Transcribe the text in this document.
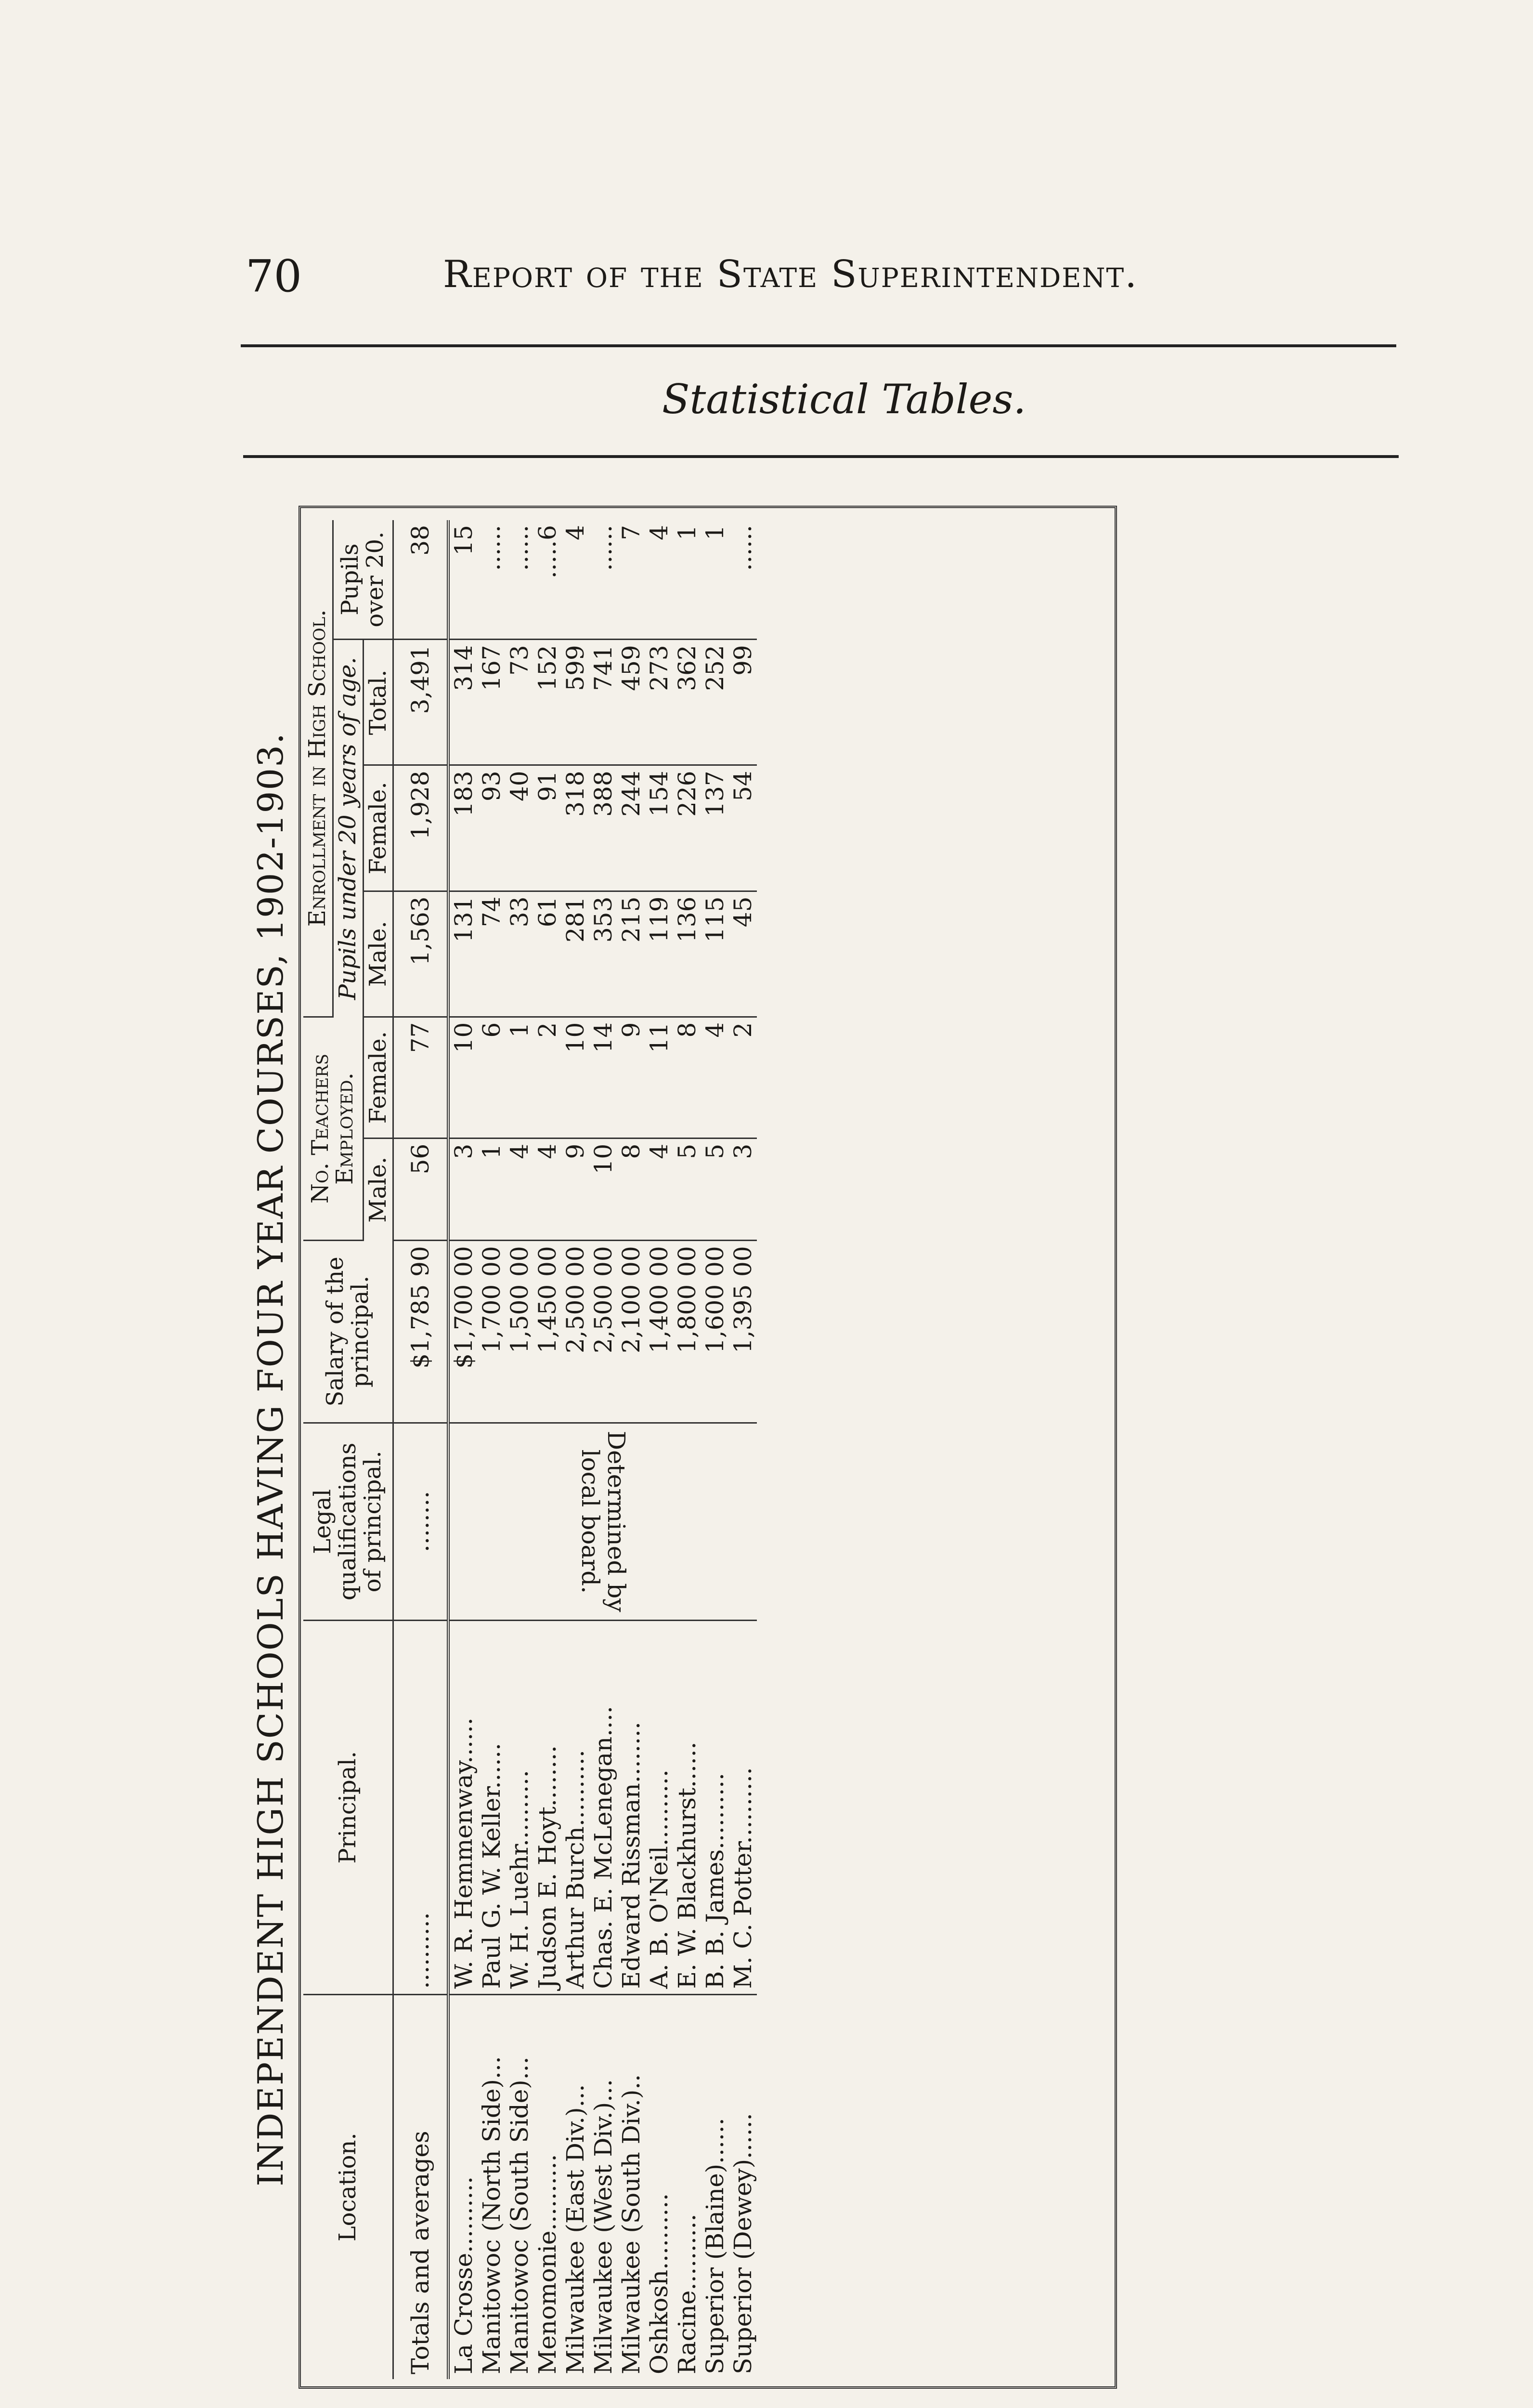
70	Report of the State Superintendent.
Statistical Tables.
INDEPENDENT HIGH SCHOOLS HAVING FOUR YEAR COURSES, 1902-1903.
Location.	Principal.	Legal qualifications of principal.	Salary of the principal.	No. Teachers Employed.		Enrollment in High School.			
						Pupils under 20 years of age.			Pupils over 20.
				Male.	Female.	Male.	Female.	Total.	
Totals and averages	..........	........	$1,785 90	56	77	1,563	1,928	3,491	38
La Crosse..........	W. R. Hemmenway......	Determined by local board.	$1,700 00	3	10	131	183	314	15
Manitowoc (North Side)...	Paul G. W. Keller......		1,700 00	1	6	74	93	167	......
Manitowoc (South Side)...	W. H. Luehr..........		1,500 00	4	1	33	40	73	......
Menomonie..........	Judson E. Hoyt........		1,450 00	4	2	61	91	152	.....6
Milwaukee (East Div.)...	Arthur Burch..........		2,500 00	9	10	281	318	599	4
Milwaukee (West Div.)...	Chas. E. McLenegan....		2,500 00	10	14	353	388	741	......
Milwaukee (South Div.)..	Edward Rissman........		2,100 00	8	9	215	244	459	7
Oshkosh..........	A. B. O'Neil..........		1,400 00	4	11	119	154	273	4
Racine..........	E. W. Blackhurst......		1,800 00	5	8	136	226	362	1
Superior (Blaine)......	B. B. James..........		1,600 00	5	4	115	137	252	1
Superior (Dewey)......	M. C. Potter..........		1,395 00	3	2	45	54	99	......
